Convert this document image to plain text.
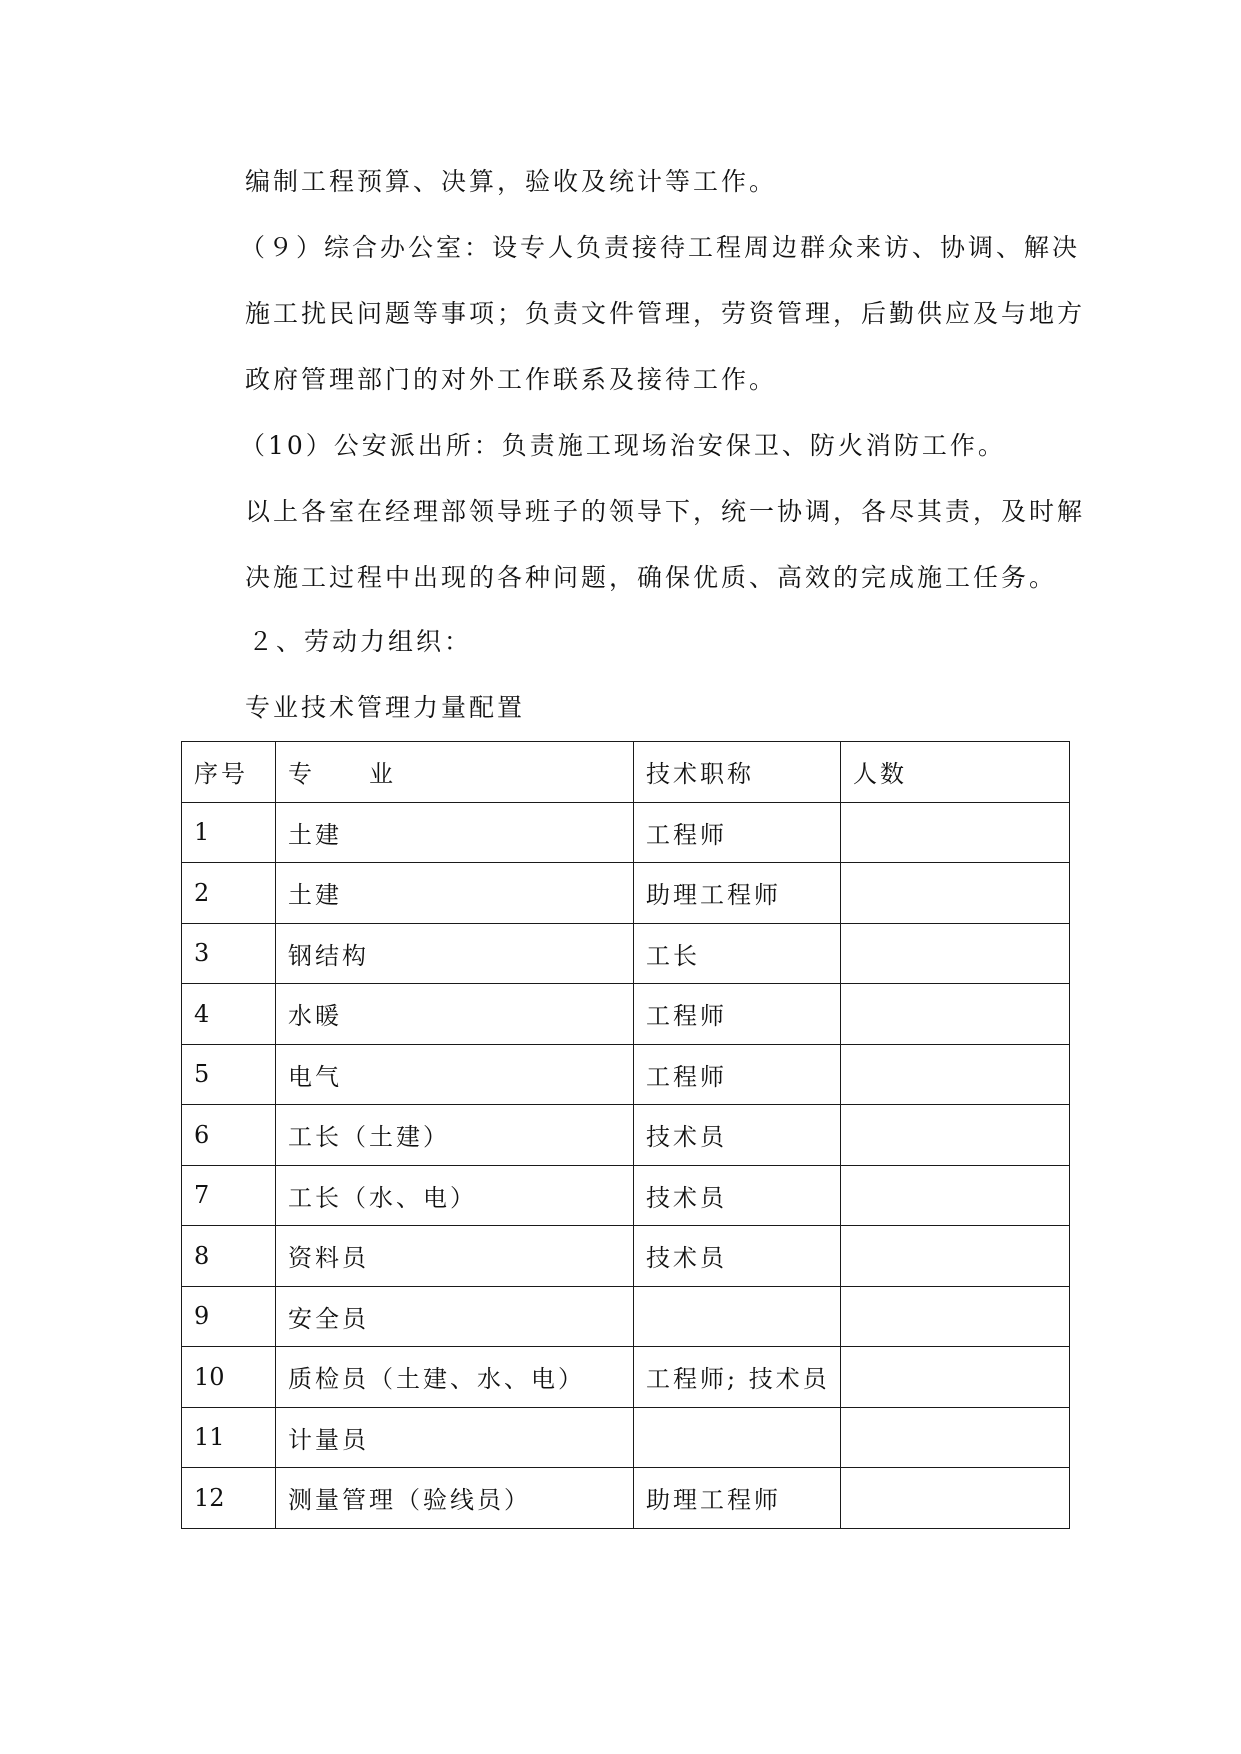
编制工程预算、决算，验收及统计等工作。
（９）综合办公室：设专人负责接待工程周边群众来访、协调、解决
施工扰民问题等事项；负责文件管理，劳资管理，后勤供应及与地方
政府管理部门的对外工作联系及接待工作。
（10）公安派出所：负责施工现场治安保卫、防火消防工作。
以上各室在经理部领导班子的领导下，统一协调，各尽其责，及时解
决施工过程中出现的各种问题，确保优质、高效的完成施工任务。
２、劳动力组织：
专业技术管理力量配置
序号	专　　业	技术职称	人数
1	土建	工程师	
2	土建	助理工程师	
3	钢结构	工长	
4	水暖	工程师	
5	电气	工程师	
6	工长（土建）	技术员	
7	工长（水、电）	技术员	
8	资料员	技术员	
9	安全员		
10	质检员（土建、水、电）	工程师; 技术员	
11	计量员		
12	测量管理（验线员）	助理工程师	
